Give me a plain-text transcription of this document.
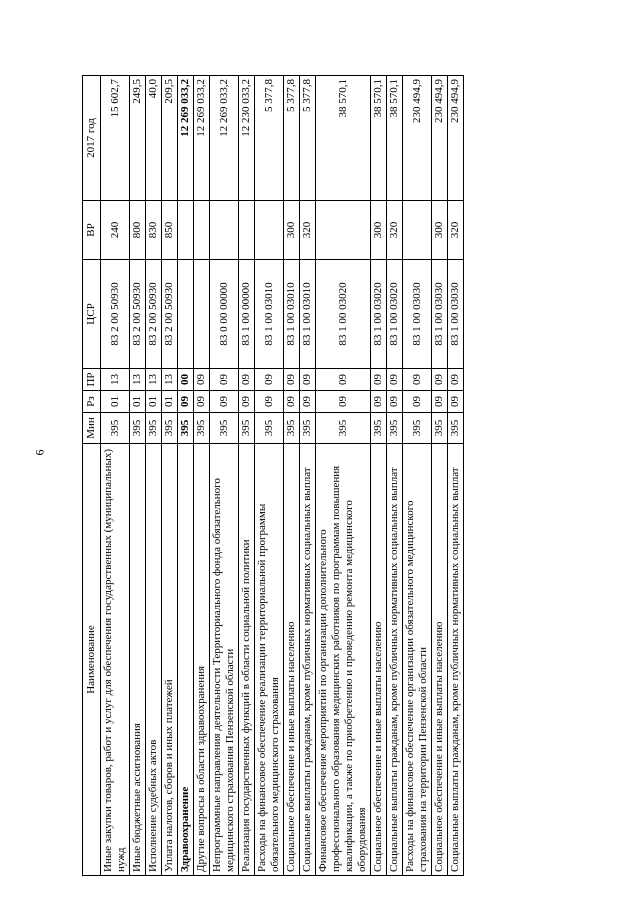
6
Наименование	Мин	Рз	ПР	ЦСР	ВР	2017 год
Иные закупки товаров, работ и услуг для обеспечения государственных (муниципальных) нужд	395	01	13	83 2 00 50930	240	15 602,7
Иные бюджетные ассигнования	395	01	13	83 2 00 50930	800	249,5
Исполнение судебных актов	395	01	13	83 2 00 50930	830	40,0
Уплата налогов, сборов и иных платежей	395	01	13	83 2 00 50930	850	209,5
Здравоохранение	395	09	00			12 269 033,2
Другие вопросы в области здравоохранения	395	09	09			12 269 033,2
Непрограммные направления деятельности Территориального фонда обязательного медицинского страхования Пензенской области	395	09	09	83 0 00 00000		12 269 033,2
Реализация государственных функций в области социальной политики	395	09	09	83 1 00 00000		12 230 033,2
Расходы на финансовое обеспечение реализации территориальной программы обязательного медицинского страхования	395	09	09	83 1 00 03010		5 377,8
Социальное обеспечение и иные выплаты населению	395	09	09	83 1 00 03010	300	5 377,8
Социальные выплаты гражданам, кроме публичных нормативных социальных выплат	395	09	09	83 1 00 03010	320	5 377,8
Финансовое обеспечение мероприятий по организации дополнительного профессионального образования медицинских работников по программам повышения квалификации, а также по приобретению и проведению ремонта медицинского оборудования	395	09	09	83 1 00 03020		38 570,1
Социальное обеспечение и иные выплаты населению	395	09	09	83 1 00 03020	300	38 570,1
Социальные выплаты гражданам, кроме публичных нормативных социальных выплат	395	09	09	83 1 00 03020	320	38 570,1
Расходы на финансовое обеспечение организации обязательного медицинского страхования на территории Пензенской области	395	09	09	83 1 00 03030		230 494,9
Социальное обеспечение и иные выплаты населению	395	09	09	83 1 00 03030	300	230 494,9
Социальные выплаты гражданам, кроме публичных нормативных социальных выплат	395	09	09	83 1 00 03030	320	230 494,9
